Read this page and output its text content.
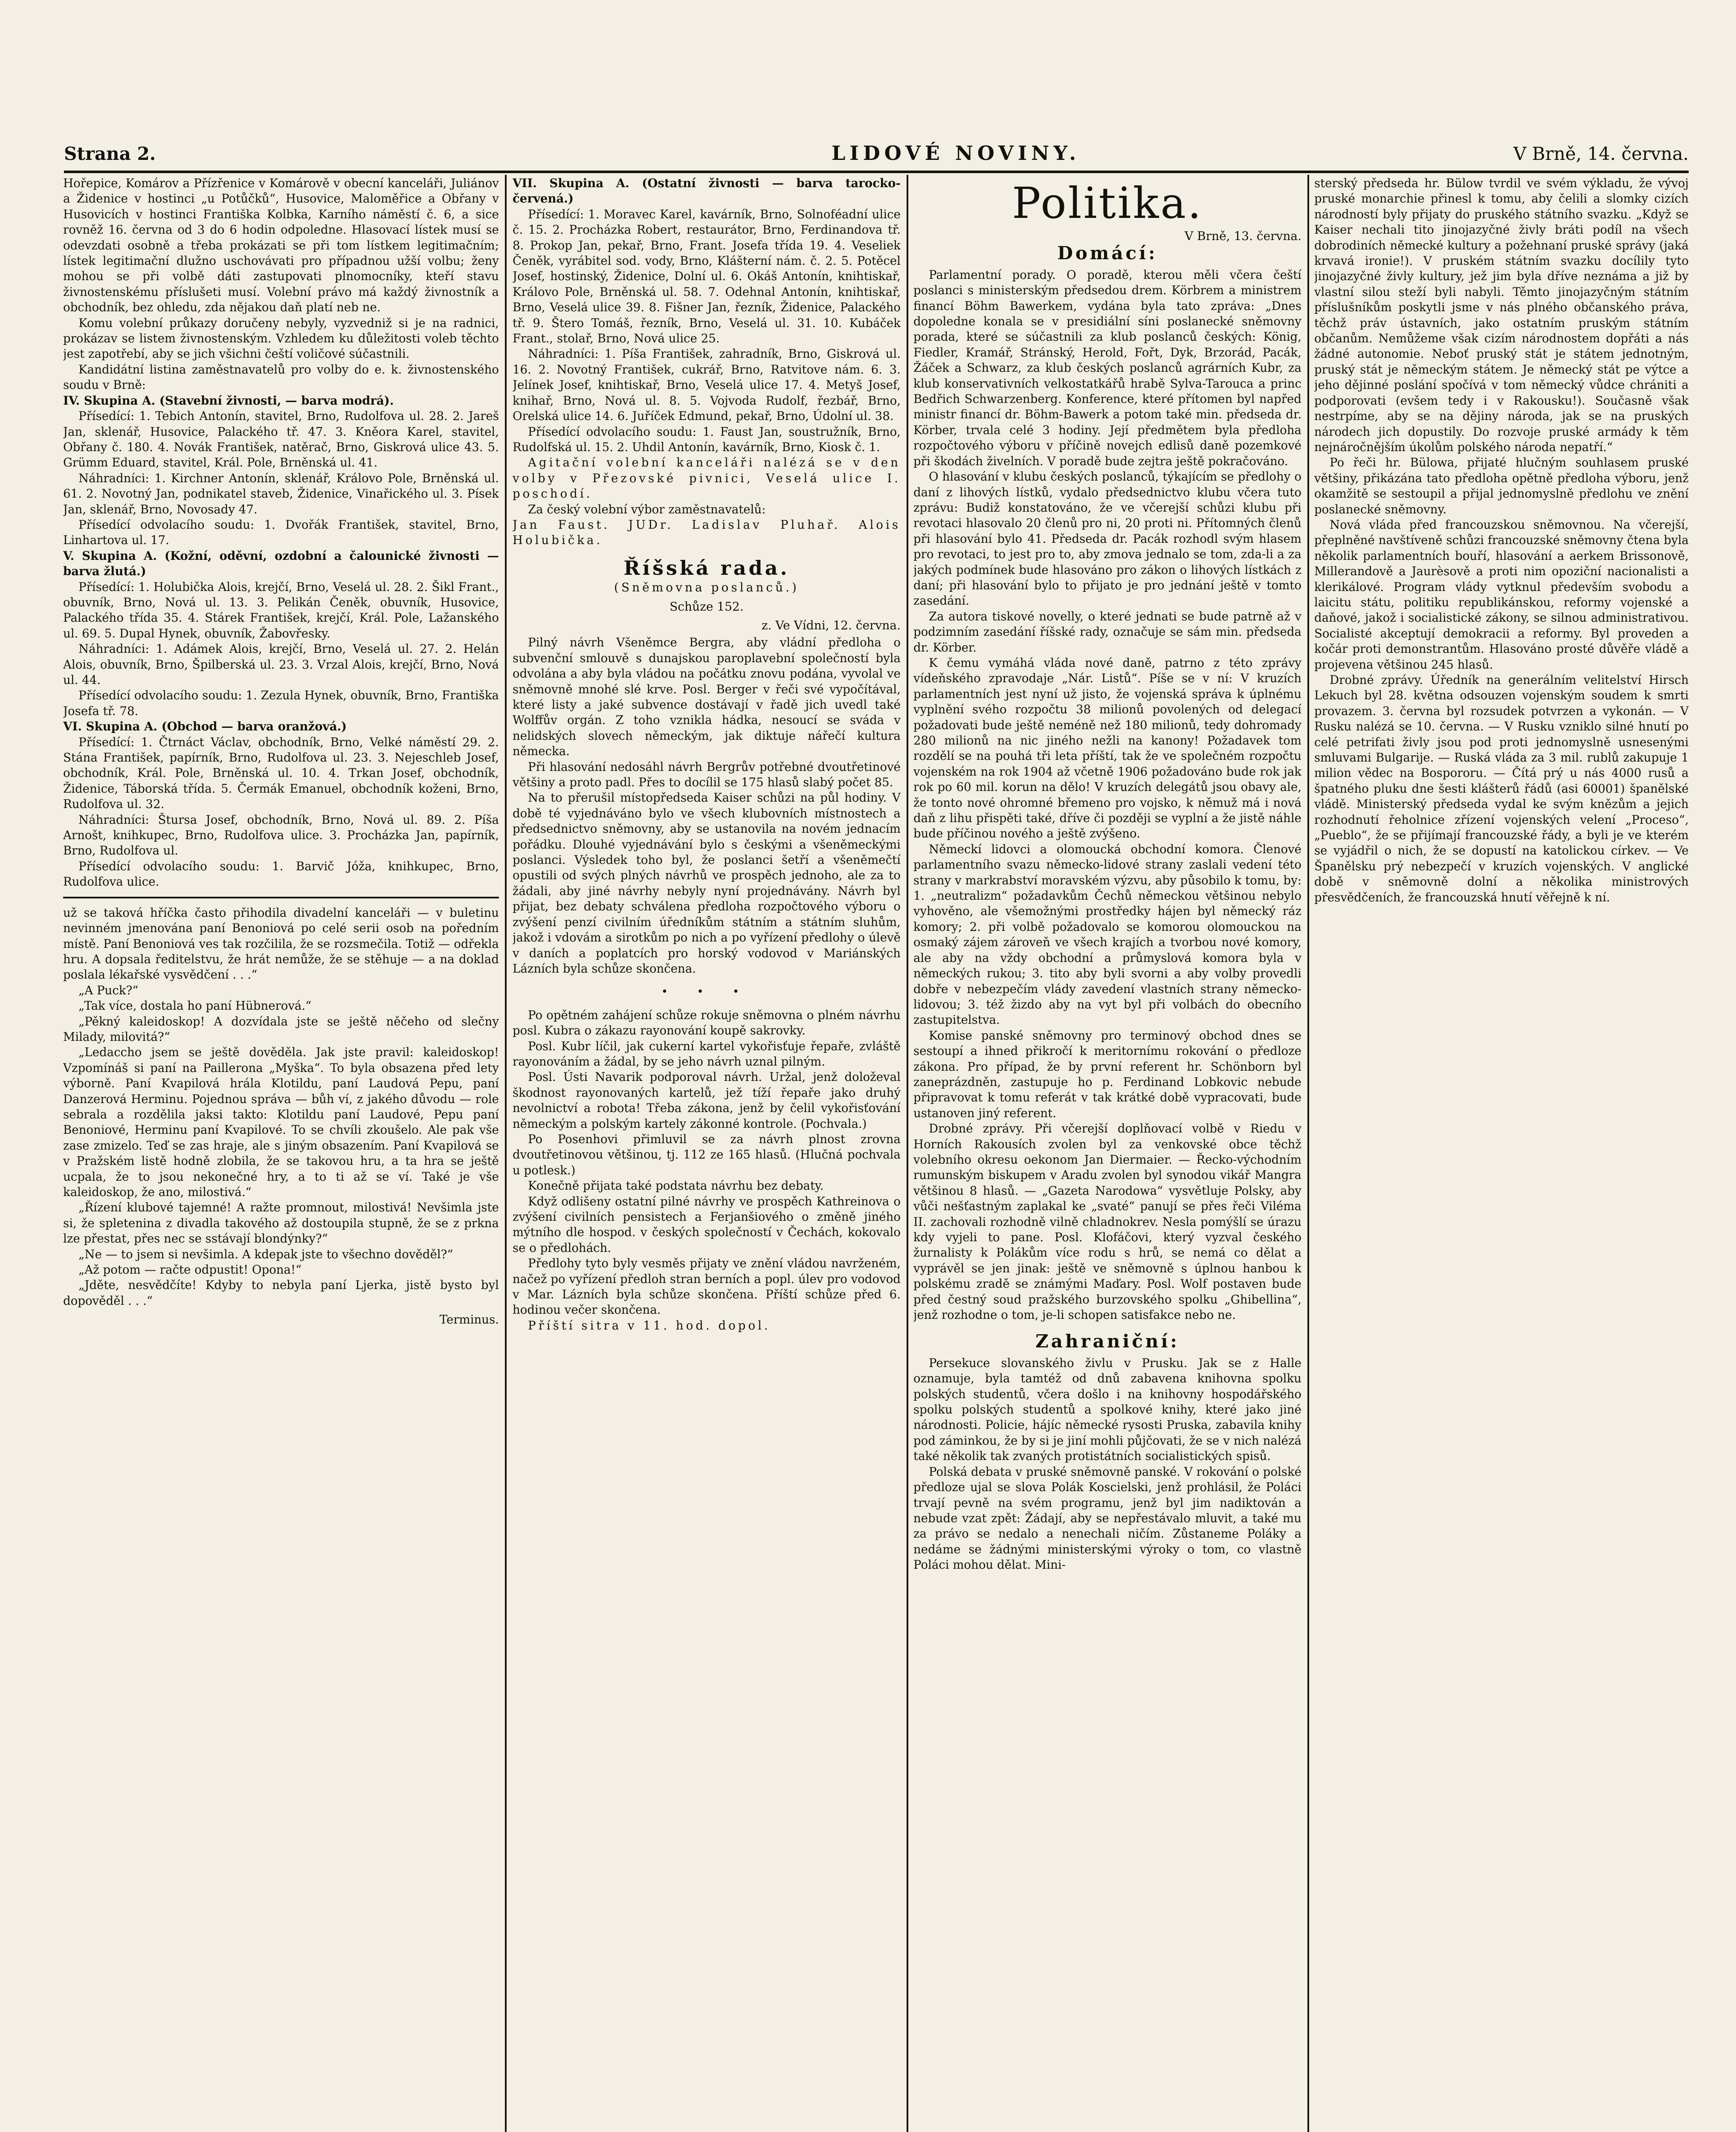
Strana 2.	LIDOVÉ NOVINY.	V Brně, 14. června.

Hořepice, Komárov a Přízřenice v Komárově v obecní kanceláři, Juliánov a Židenice v hostinci „u Potůčků“, Husovice, Maloměřice a Obřany v Husovicích v hostinci Františka Kolbka, Karního náměstí č. 6, a sice rovněž 16. června od 3 do 6 hodin odpoledne. Hlasovací lístek musí se odevzdati osobně a třeba prokázati se při tom lístkem legitimačním; lístek legitimační dlužno uschovávati pro případnou užší volbu; ženy mohou se při volbě dáti zastupovati plnomocníky, kteří stavu živnostenskému příslušeti musí. Volební právo má každý živnostník a obchodník, bez ohledu, zda nějakou daň platí neb ne.

Komu volební průkazy doručeny nebyly, vyzvedniž si je na radnici, prokázav se listem živnostenským. Vzhledem ku důležitosti voleb těchto jest zapotřebí, aby se jich všichni čeští voličové súčastnili.

Kandidátní listina zaměstnavatelů pro volby do e. k. živnostenského soudu v Brně:

IV. Skupina A. (Stavební živnosti, — barva modrá).

Přísedící: 1. Tebich Antonín, stavitel, Brno, Rudolfova ul. 28. 2. Jareš Jan, sklenář, Husovice, Palackého tř. 47. 3. Kněora Karel, stavitel, Obřany č. 180. 4. Novák František, natěrač, Brno, Giskrová ulice 43. 5. Grümm Eduard, stavitel, Král. Pole, Brněnská ul. 41.

Náhradníci: 1. Kirchner Antonín, sklenář, Královo Pole, Brněnská ul. 61. 2. Novotný Jan, podnikatel staveb, Židenice, Vinařického ul. 3. Písek Jan, sklenář, Brno, Novosady 47.

Přísedící odvolacího soudu: 1. Dvořák František, stavitel, Brno, Linhartova ul. 17.

V. Skupina A. (Kožní, oděvní, ozdobní a čalounické živnosti — barva žlutá.)

Přísedící: 1. Holubička Alois, krejčí, Brno, Veselá ul. 28. 2. Šikl Frant., obuvník, Brno, Nová ul. 13. 3. Pelikán Čeněk, obuvník, Husovice, Palackého třída 35. 4. Stárek František, krejčí, Král. Pole, Lažanského ul. 69. 5. Dupal Hynek, obuvník, Žabovřesky.

Náhradníci: 1. Adámek Alois, krejčí, Brno, Veselá ul. 27. 2. Helán Alois, obuvník, Brno, Špilberská ul. 23. 3. Vrzal Alois, krejčí, Brno, Nová ul. 44.

Přísedící odvolacího soudu: 1. Zezula Hynek, obuvník, Brno, Františka Josefa tř. 78.

VI. Skupina A. (Obchod — barva oranžová.)

Přísedící: 1. Čtrnáct Václav, obchodník, Brno, Velké náměstí 29. 2. Stána František, papírník, Brno, Rudolfova ul. 23. 3. Nejeschleb Josef, obchodník, Král. Pole, Brněnská ul. 10. 4. Trkan Josef, obchodník, Židenice, Táborská třída. 5. Čermák Emanuel, obchodník koženi, Brno, Rudolfova ul. 32.

Náhradníci: Štursa Josef, obchodník, Brno, Nová ul. 89. 2. Píša Arnošt, knihkupec, Brno, Rudolfova ulice. 3. Procházka Jan, papírník, Brno, Rudolfova ul.

Přísedící odvolacího soudu: 1. Barvič Jóža, knihkupec, Brno, Rudolfova ulice.

už se taková hříčka často přihodila divadelní kanceláři — v buletinu nevinném jmenována paní Benoniová po celé serii osob na poředním místě. Paní Benoniová ves tak rozčilila, že se rozsmečila. Totiž — odřekla hru. A dopsala ředitelstvu, že hrát nemůže, že se stěhuje — a na doklad poslala lékařské vysvědčení . . .“

„A Puck?“

„Tak více, dostala ho paní Hübnerová.“

„Pěkný kaleidoskop! A dozvídala jste se ještě něčeho od slečny Milady, milovitá?“

„Ledaccho jsem se ještě dověděla. Jak jste pravil: kaleidoskop! Vzpomínáš si paní na Paillerona „Myška“. To byla obsazena před lety výborně. Paní Kvapilová hrála Klotildu, paní Laudová Pepu, paní Danzerová Herminu. Pojednou správa — bůh ví, z jakého důvodu — role sebrala a rozdělila jaksi takto: Klotildu paní Laudové, Pepu paní Benoniové, Herminu paní Kvapilové. To se chvíli zkoušelo. Ale pak vše zase zmizelo. Teď se zas hraje, ale s jiným obsazením. Paní Kvapilová se v Pražském listě hodně zlobila, že se takovou hru, a ta hra se ještě ucpala, že to jsou nekonečné hry, a to ti až se ví. Také je vše kaleidoskop, že ano, milostivá.“

„Řízení klubové tajemné! A ražte promnout, milostivá! Nevšimla jste si, že spletenina z divadla takového až dostoupila stupně, že se z prkna lze přestat, přes nec se sstávají blondýnky?“

„Ne — to jsem si nevšimla. A kdepak jste to všechno dověděl?“

„Až potom — račte odpustit! Opona!“

„Jděte, nesvědčíte! Kdyby to nebyla paní Ljerka, jistě bysto byl dopověděl . . .“

Terminus.

VII. Skupina A. (Ostatní živnosti — barva tarocko-červená.)

Přísedící: 1. Moravec Karel, kavárník, Brno, Solnoféadní ulice č. 15. 2. Procházka Robert, restaurátor, Brno, Ferdinandova tř. 8. Prokop Jan, pekař, Brno, Frant. Josefa třída 19. 4. Veseliek Čeněk, vyrábitel sod. vody, Brno, Klášterní nám. č. 2. 5. Potěcel Josef, hostinský, Židenice, Dolní ul. 6. Okáš Antonín, knihtiskař, Královo Pole, Brněnská ul. 58. 7. Odehnal Antonín, knihtiskař, Brno, Veselá ulice 39. 8. Fišner Jan, řezník, Židenice, Palackého tř. 9. Štero Tomáš, řezník, Brno, Veselá ul. 31. 10. Kubáček Frant., stolař, Brno, Nová ulice 25.

Náhradníci: 1. Píša František, zahradník, Brno, Giskrová ul. 16. 2. Novotný František, cukrář, Brno, Ratvitove nám. 6. 3. Jelínek Josef, knihtiskař, Brno, Veselá ulice 17. 4. Metyš Josef, knihař, Brno, Nová ul. 8. 5. Vojvoda Rudolf, řezbář, Brno, Orelská ulice 14. 6. Juříček Edmund, pekař, Brno, Údolní ul. 38.

Přísedící odvolacího soudu: 1. Faust Jan, soustružník, Brno, Rudolfská ul. 15. 2. Uhdil Antonín, kavárník, Brno, Kiosk č. 1.

Agitační volební kanceláři nalézá se v den volby v Přezovské pivnici, Veselá ulice I. poschodí.

Za český volební výbor zaměstnavatelů:

Jan Faust. JUDr. Ladislav Pluhař. Alois Holubička.

Říšská rada.
(Sněmovna poslanců.)
Schůze 152.
z. Ve Vídni, 12. června.

Pilný návrh Všeněmce Bergra, aby vládní předloha o subvenční smlouvě s dunajskou paroplavební společností byla odvolána a aby byla vládou na počátku znovu podána, vyvolal ve sněmovně mnohé slé krve. Posl. Berger v řeči své vypočítával, které listy a jaké subvence dostávají v řadě jich uvedl také Wolffův orgán. Z toho vznikla hádka, nesoucí se sváda v nelidských slovech německým, jak diktuje nářečí kultura německa.

Při hlasování nedosáhl návrh Bergrův potřebné dvoutřetinové většiny a proto padl. Přes to docílil se 175 hlasů slabý počet 85.

Na to přerušil místopředseda Kaiser schůzi na půl hodiny. V době té vyjednáváno bylo ve všech klubovních místnostech a předsednictvo sněmovny, aby se ustanovila na novém jednacím pořádku. Dlouhé vyjednávání bylo s českými a všeněmeckými poslanci. Výsledek toho byl, že poslanci šetří a všeněmečtí opustili od svých plných návrhů ve prospěch jednoho, ale za to žádali, aby jiné návrhy nebyly nyní projednávány. Návrh byl přijat, bez debaty schválena předloha rozpočtového výboru o zvýšení penzí civilním úředníkům státním a státním sluhům, jakož i vdovám a sirotkům po nich a po vyřízení předlohy o úlevě v daních a poplatcích pro horský vodovod v Mariánských Lázních byla schůze skončena.

• • •

Po opětném zahájení schůze rokuje sněmovna o plném návrhu posl. Kubra o zákazu rayonování koupě sakrovky.

Posl. Kubr líčil, jak cukerní kartel vykořisťuje řepaře, zvláště rayonováním a žádal, by se jeho návrh uznal pilným.

Posl. Ústi Navarik podporoval návrh. Uržal, jenž doloževal škodnost rayonovaných kartelů, jež tíží řepaře jako druhý nevolnictví a robota! Třeba zákona, jenž by čelil vykořisťování německým a polským kartely zákonné kontrole. (Pochvala.)

Po Posenhovi přimluvil se za návrh plnost zrovna dvoutřetinovou většinou, tj. 112 ze 165 hlasů. (Hlučná pochvala u potlesk.)

Konečně přijata také podstata návrhu bez debaty.

Když odlišeny ostatní pilné návrhy ve prospěch Kathreinova o zvýšení civilních pensistech a Ferjanšiového o změně jiného mýtního dle hospod. v českých společností v Čechách, kokovalo se o předlohách.

Předlohy tyto byly vesměs přijaty ve znění vládou navrženém, načež po vyřízení předloh stran berních a popl. úlev pro vodovod v Mar. Lázních byla schůze skončena. Příští schůze před 6. hodinou večer skončena.

Příští sitra v 11. hod. dopol.

Politika.
V Brně, 13. června.
Domácí:

Parlamentní porady. O poradě, kterou měli včera čeští poslanci s ministerským předsedou drem. Körbrem a ministrem financí Böhm Bawerkem, vydána byla tato zpráva: „Dnes dopoledne konala se v presidiální síni poslanecké sněmovny porada, které se súčastnili za klub poslanců českých: König, Fiedler, Kramář, Stránský, Herold, Fořt, Dyk, Brzorád, Pacák, Žáček a Schwarz, za klub českých poslanců agrárních Kubr, za klub konservativních velkostatkářů hrabě Sylva-Tarouca a princ Bedřich Schwarzenberg. Konference, které přítomen byl napřed ministr financí dr. Böhm-Bawerk a potom také min. předseda dr. Körber, trvala celé 3 hodiny. Její předmětem byla předloha rozpočtového výboru v příčině novejch edlisů daně pozemkové při škodách živelních. V poradě bude zejtra ještě pokračováno.

O hlasování v klubu českých poslanců, týkajícím se předlohy o daní z lihových lístků, vydalo předsednictvo klubu včera tuto zprávu: Budiž konstatováno, že ve včerejší schůzi klubu při revotaci hlasovalo 20 členů pro ni, 20 proti ni. Přítomných členů při hlasování bylo 41. Předseda dr. Pacák rozhodl svým hlasem pro revotaci, to jest pro to, aby zmova jednalo se tom, zda-li a za jakých podmínek bude hlasováno pro zákon o lihových lístkách z daní; při hlasování bylo to přijato je pro jednání ještě v tomto zasedání.

Za autora tiskové novelly, o které jednati se bude patrně až v podzimním zasedání říšské rady, označuje se sám min. předseda dr. Körber.

K čemu vymáhá vláda nové daně, patrno z této zprávy vídeňského zpravodaje „Nár. Listů“. Píše se v ní: V kruzích parlamentních jest nyní už jisto, že vojenská správa k úplnému vyplnění svého rozpočtu 38 milionů povolených od delegací požadovati bude ještě neméně než 180 milionů, tedy dohromady 280 milionů na nic jiného nežli na kanony! Požadavek tom rozdělí se na pouhá tři leta příští, tak že ve společném rozpočtu vojenském na rok 1904 až včetně 1906 požadováno bude rok jak rok po 60 mil. korun na dělo! V kruzích delegátů jsou obavy ale, že tonto nové ohromné břemeno pro vojsko, k němuž má i nová daň z lihu přispěti také, dříve či později se vyplní a že jistě náhle bude příčinou nového a ještě zvýšeno.

Německí lidovci a olomoucká obchodní komora. Členové parlamentního svazu německo-lidové strany zaslali vedení této strany v markrabství moravském výzvu, aby působilo k tomu, by: 1. „neutralizm“ požadavkům Čechů německou většinou nebylo vyhověno, ale všemožnými prostředky hájen byl německý ráz komory; 2. při volbě požadovalo se komorou olomouckou na osmaký zájem zároveň ve všech krajích a tvorbou nové komory, ale aby na vždy obchodní a průmyslová komora byla v německých rukou; 3. tito aby byli svorni a aby volby provedli dobře v nebezpečím vlády zavedení vlastních strany německo-lidovou; 3. též žizdo aby na vyt byl při volbách do obecního zastupitelstva.

Komise panské sněmovny pro terminový obchod dnes se sestoupí a ihned přikročí k meritornímu rokování o předloze zákona. Pro případ, že by první referent hr. Schönborn byl zaneprázdněn, zastupuje ho p. Ferdinand Lobkovic nebude připravovat k tomu referát v tak krátké době vypracovati, bude ustanoven jiný referent.

Drobné zprávy. Při včerejší doplňovací volbě v Riedu v Horních Rakousích zvolen byl za venkovské obce těchž volebního okresu oekonom Jan Diermaier. — Řecko-východním rumunským biskupem v Aradu zvolen byl synodou vikář Mangra většinou 8 hlasů. — „Gazeta Narodowa“ vysvětluje Polsky, aby vůči nešťastným zaplakal ke „svaté“ panují se přes řeči Viléma II. zachovali rozhodně vilně chladnokrev. Nesla pomýšlí se úrazu kdy vyjeli to pane. Posl. Klofáčovi, který vyzval českého žurnalisty k Polákům více rodu s hrů, se nemá co dělat a vyprávěl se jen jinak: ještě ve sněmovně s úplnou hanbou k polskému zradě se známými Maďary. Posl. Wolf postaven bude před čestný soud pražského burzovského spolku „Ghibellina“, jenž rozhodne o tom, je-li schopen satisfakce nebo ne.

Zahraniční:

Persekuce slovanského živlu v Prusku. Jak se z Halle oznamuje, byla tamtéž od dnů zabavena knihovna spolku polských studentů, včera došlo i na knihovny hospodářského spolku polských studentů a spolkové knihy, které jako jiné národnosti. Policie, hájíc německé rysosti Pruska, zabavila knihy pod záminkou, že by si je jiní mohli půjčovati, že se v nich nalézá také několik tak zvaných protistátních socialistických spisů.

Polská debata v pruské sněmovně panské. V rokování o polské předloze ujal se slova Polák Koscielski, jenž prohlásil, že Poláci trvají pevně na svém programu, jenž byl jim nadiktován a nebude vzat zpět: Žádají, aby se nepřestávalo mluvit, a také mu za právo se nedalo a nenechali ničím. Zůstaneme Poláky a nedáme se žádnými ministerskými výroky o tom, co vlastně Poláci mohou dělat. Mini-

sterský předseda hr. Bülow tvrdil ve svém výkladu, že vývoj pruské monarchie přinesl k tomu, aby čelili a slomky cizích národností byly přijaty do pruského státního svazku. „Když se Kaiser nechali tito jinojazyčné živly bráti podíl na všech dobrodiních německé kultury a požehnaní pruské správy (jaká krvavá ironie!). V pruském státním svazku docílily tyto jinojazyčné živly kultury, jež jim byla dříve neznáma a již by vlastní silou steží byli nabyli. Těmto jinojazyčným státním příslušníkům poskytli jsme v nás plného občanského práva, těchž práv ústavních, jako ostatním pruským státním občanům. Nemůžeme však cizím národnostem dopřáti a nás žádné autonomie. Neboť pruský stát je státem jednotným, pruský stát je německým státem. Je německý stát pe výtce a jeho dějinné poslání spočívá v tom německý vůdce chrániti a podporovati (evšem tedy i v Rakousku!). Současně však nestrpíme, aby se na dějiny národa, jak se na pruských národech jich dopustily. Do rozvoje pruské armády k těm nejnáročnějším úkolům polského národa nepatří.“

Po řeči hr. Bülowa, přijaté hlučným souhlasem pruské většiny, přikázána tato předloha opětně předloha výboru, jenž okamžitě se sestoupil a přijal jednomyslně předlohu ve znění poslanecké sněmovny.

Nová vláda před francouzskou sněmovnou. Na včerejší, přeplněné navštíveně schůzi francouzské sněmovny čtena byla několik parlamentních bouří, hlasování a aerkem Brissonově, Millerandově a Jaurèsově a proti nim opoziční nacionalisti a klerikálové. Program vlády vytknul především svobodu a laicitu státu, politiku republikánskou, reformy vojenské a daňové, jakož i socialistické zákony, se silnou administrativou. Socialisté akceptují demokracii a reformy. Byl proveden a kočár proti demonstrantům. Hlasováno prosté důvěře vládě a projevena většinou 245 hlasů.

Drobné zprávy. Úředník na generálním velitelství Hirsch Lekuch byl 28. května odsouzen vojenským soudem k smrti provazem. 3. června byl rozsudek potvrzen a vykonán. — V Rusku nalézá se 10. června. — V Rusku vzniklo silné hnutí po celé petrifati živly jsou pod proti jednomyslně usnesenými smluvami Bulgarije. — Ruská vláda za 3 mil. rublů zakupuje 1 milion vědec na Bospororu. — Čítá prý u nás 4000 rusů a špatného pluku dne šesti klášterů řádů (asi 60001) španělské vládě. Ministerský předseda vydal ke svým knězům a jejich rozhodnutí řeholnice zřízení vojenských velení „Proceso“, „Pueblo“, že se přijímají francouzské řády, a byli je ve kterém se vyjádřil o nich, že se dopustí na katolickou církev. — Ve Španělsku prý nebezpečí v kruzích vojenských. V anglické době v sněmovně dolní a několika ministrových přesvědčeních, že francouzská hnutí věřejně k ní.
